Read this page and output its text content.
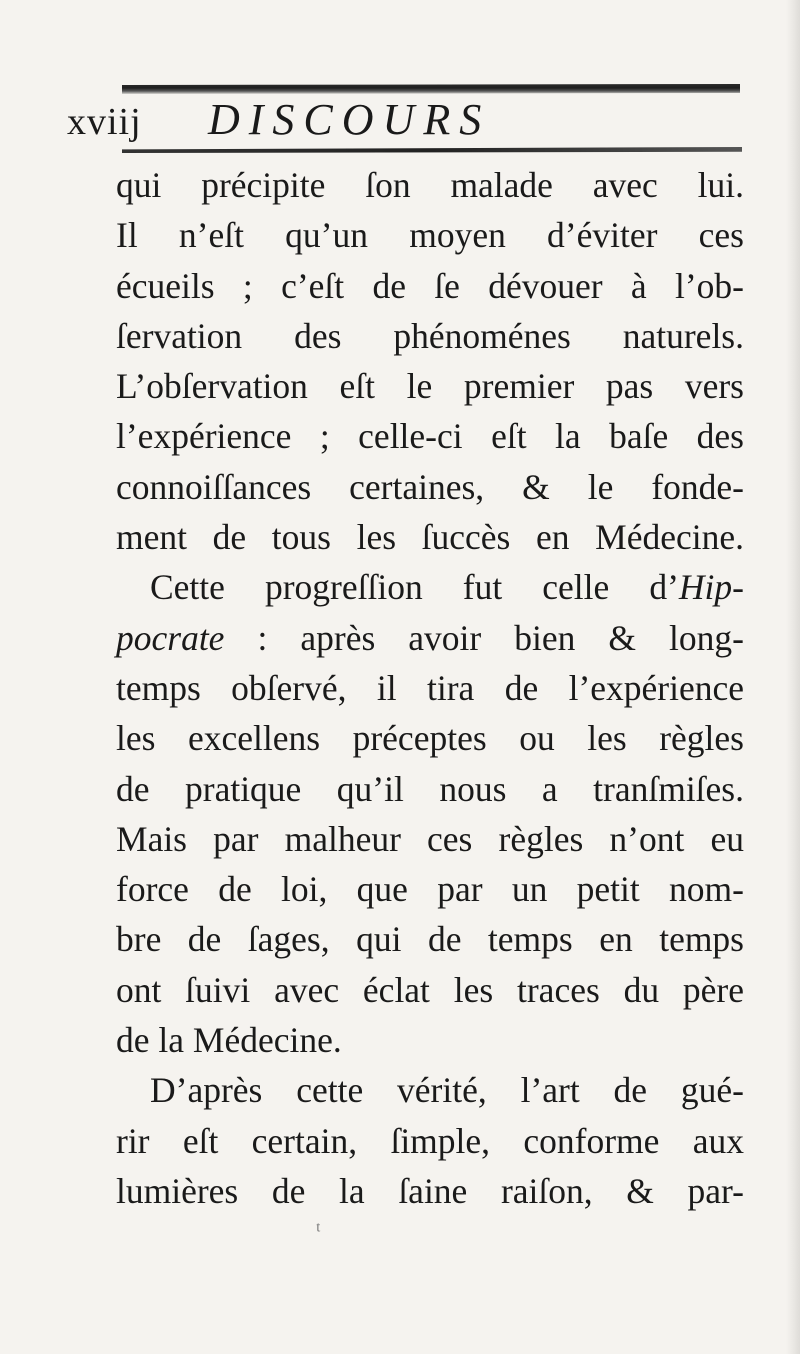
xviij DISCOURS
qui précipite ſon malade avec lui.
Il n’eſt qu’un moyen d’éviter ces
écueils ; c’eſt de ſe dévouer à l’ob-
ſervation des phénoménes naturels.
L’obſervation eſt le premier pas vers
l’expérience ; celle-ci eſt la baſe des
connoiſſances certaines, & le fonde-
ment de tous les ſuccès en Médecine.
Cette progreſſion fut celle d’Hip-
pocrate : après avoir bien & long-
temps obſervé, il tira de l’expérience
les excellens préceptes ou les règles
de pratique qu’il nous a tranſmiſes.
Mais par malheur ces règles n’ont eu
force de loi, que par un petit nom-
bre de ſages, qui de temps en temps
ont ſuivi avec éclat les traces du père
de la Médecine.
D’après cette vérité, l’art de gué-
rir eſt certain, ſimple, conforme aux
lumières de la ſaine raiſon, & par-
ᵗ
